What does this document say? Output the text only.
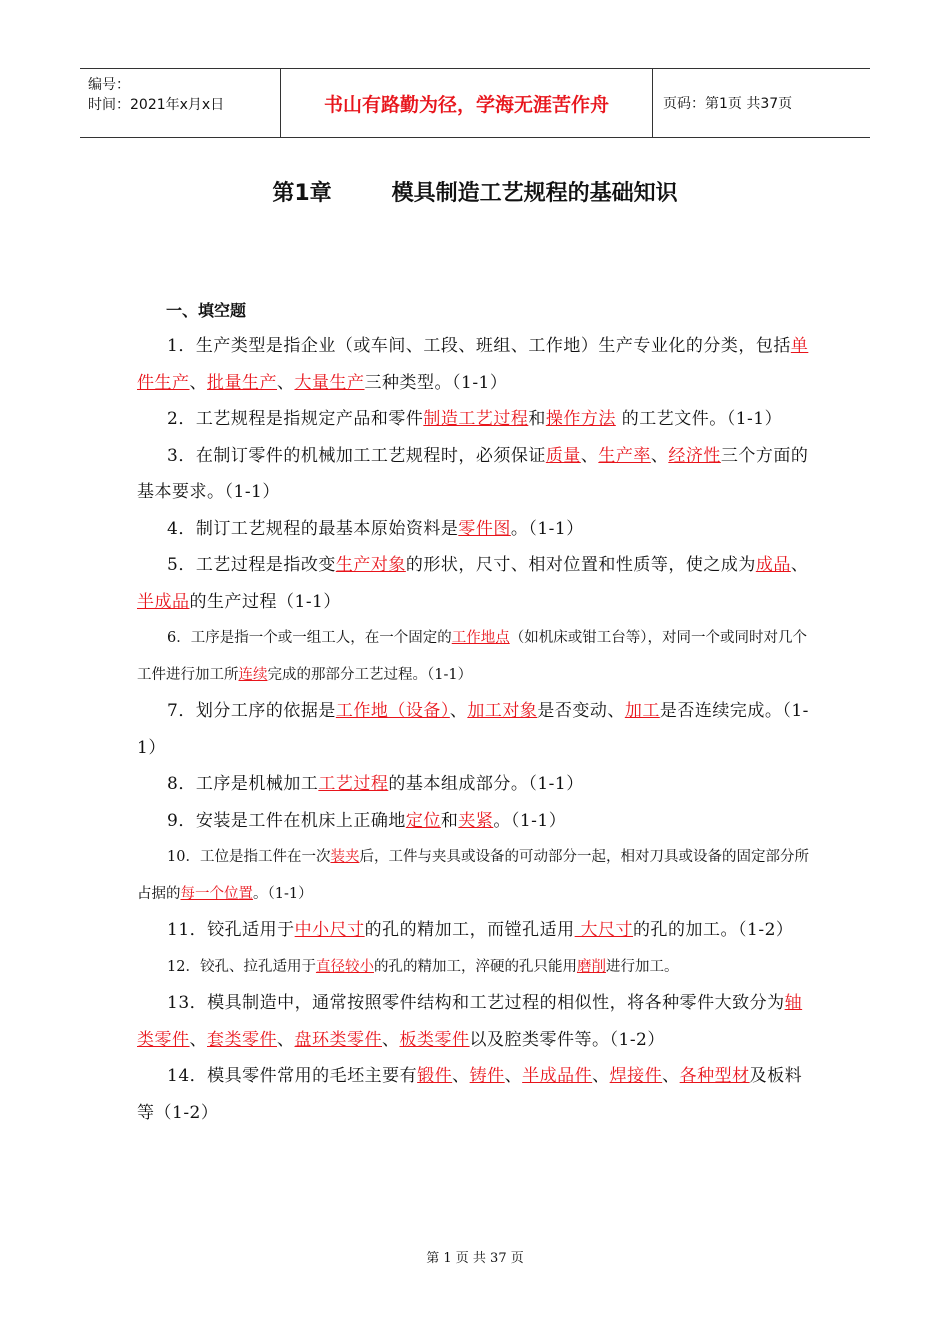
编号：
时间：2021年x月x日	书山有路勤为径，学海无涯苦作舟	页码：第1页 共37页
第1章	模具制造工艺规程的基础知识
一、填空题

1．生产类型是指企业（或车间、工段、班组、工作地）生产专业化的分类，包括单件生产、批量生产、大量生产三种类型。（1-1）

2．工艺规程是指规定产品和零件制造工艺过程和操作方法 的工艺文件。（1-1）

3．在制订零件的机械加工工艺规程时，必须保证质量、生产率、经济性三个方面的基本要求。（1-1）

4．制订工艺规程的最基本原始资料是零件图。（1-1）

5．工艺过程是指改变生产对象的形状，尺寸、相对位置和性质等，使之成为成品、半成品的生产过程（1-1）

6．工序是指一个或一组工人，在一个固定的工作地点（如机床或钳工台等），对同一个或同时对几个工件进行加工所连续完成的那部分工艺过程。（1-1）

7．划分工序的依据是工作地（设备）、加工对象是否变动、加工是否连续完成。（1-1）

8．工序是机械加工工艺过程的基本组成部分。（1-1）

9．安装是工件在机床上正确地定位和夹紧。（1-1）

10．工位是指工件在一次装夹后，工件与夹具或设备的可动部分一起，相对刀具或设备的固定部分所占据的每一个位置。（1-1）

11．铰孔适用于中小尺寸的孔的精加工，而镗孔适用 大尺寸的孔的加工。（1-2）

12．铰孔、拉孔适用于直径较小的孔的精加工，淬硬的孔只能用磨削进行加工。

13．模具制造中，通常按照零件结构和工艺过程的相似性，将各种零件大致分为轴类零件、套类零件、盘环类零件、板类零件以及腔类零件等。（1-2）

14．模具零件常用的毛坯主要有锻件、铸件、半成品件、焊接件、各种型材及板料等（1-2）

第 1 页 共 37 页
